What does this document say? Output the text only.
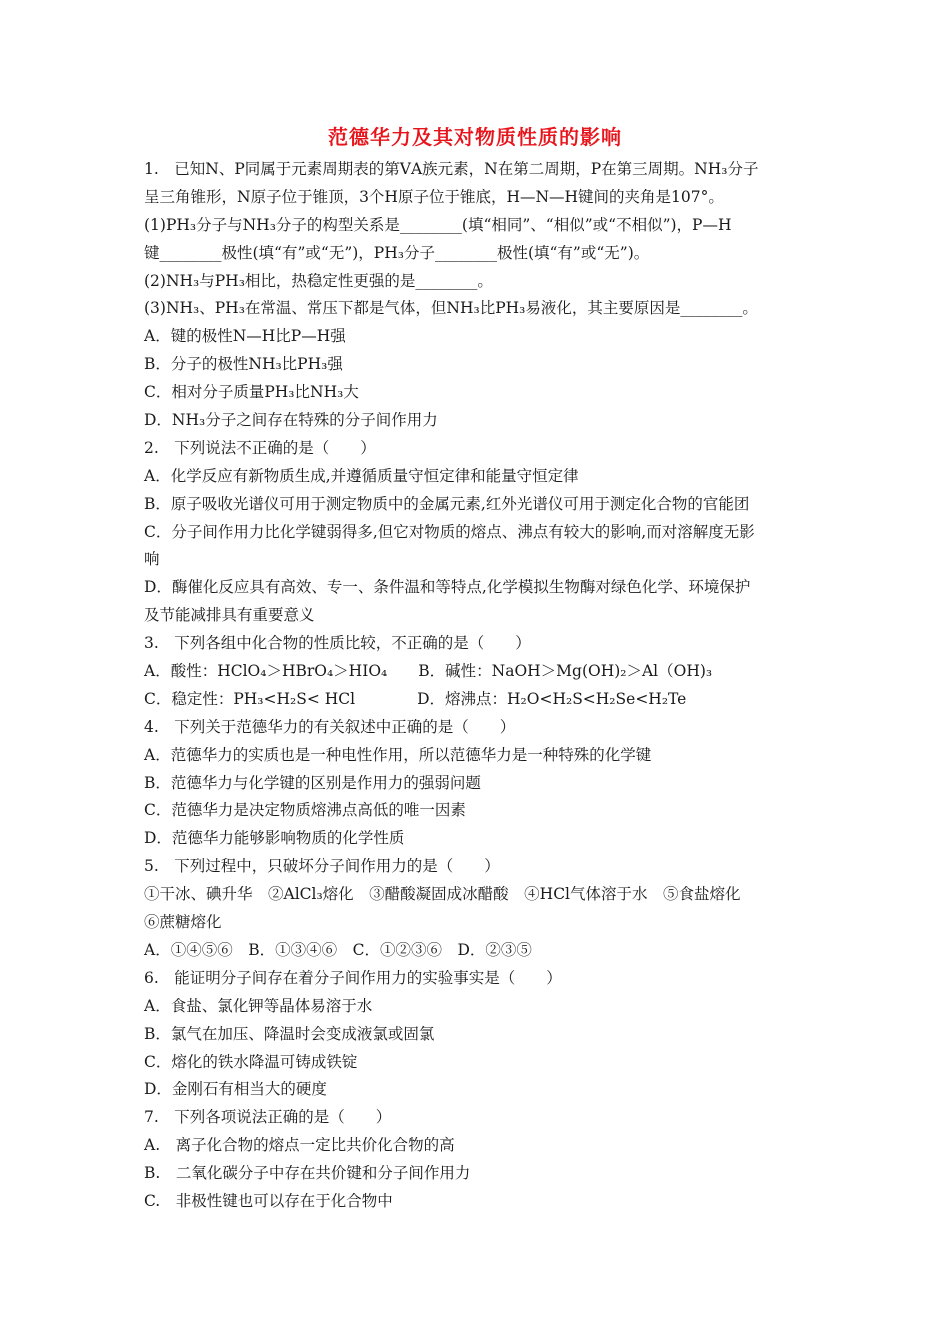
范德华力及其对物质性质的影响
1.　已知N、P同属于元素周期表的第ⅤA族元素，N在第二周期，P在第三周期。NH₃分子
呈三角锥形，N原子位于锥顶，3个H原子位于锥底，H—N—H键间的夹角是107°。
(1)PH₃分子与NH₃分子的构型关系是________(填“相同”、“相似”或“不相似”)，P—H
键________极性(填“有”或“无”)，PH₃分子________极性(填“有”或“无”)。
(2)NH₃与PH₃相比，热稳定性更强的是________。
(3)NH₃、PH₃在常温、常压下都是气体，但NH₃比PH₃易液化，其主要原因是________。
A．键的极性N—H比P—H强
B．分子的极性NH₃比PH₃强
C．相对分子质量PH₃比NH₃大
D．NH₃分子之间存在特殊的分子间作用力
2.　下列说法不正确的是（　　）
A．化学反应有新物质生成,并遵循质量守恒定律和能量守恒定律
B．原子吸收光谱仪可用于测定物质中的金属元素,红外光谱仪可用于测定化合物的官能团
C．分子间作用力比化学键弱得多,但它对物质的熔点、沸点有较大的影响,而对溶解度无影
响
D．酶催化反应具有高效、专一、条件温和等特点,化学模拟生物酶对绿色化学、环境保护
及节能减排具有重要意义
3.　下列各组中化合物的性质比较，不正确的是（　　）
A．酸性：HClO₄＞HBrO₄＞HIO₄　　B．碱性：NaOH＞Mg(OH)₂＞Al（OH)₃
C．稳定性：PH₃<H₂S< HCl　　　　D．熔沸点：H₂O<H₂S<H₂Se<H₂Te
4.　下列关于范德华力的有关叙述中正确的是（　　）
A．范德华力的实质也是一种电性作用，所以范德华力是一种特殊的化学键
B．范德华力与化学键的区别是作用力的强弱问题
C．范德华力是决定物质熔沸点高低的唯一因素
D．范德华力能够影响物质的化学性质
5.　下列过程中，只破坏分子间作用力的是（　　）
①干冰、碘升华　②AlCl₃熔化　③醋酸凝固成冰醋酸　④HCl气体溶于水　⑤食盐熔化
⑥蔗糖熔化
A．①④⑤⑥　B．①③④⑥　C．①②③⑥　D．②③⑤
6.　能证明分子间存在着分子间作用力的实验事实是（　　）
A．食盐、氯化钾等晶体易溶于水
B．氯气在加压、降温时会变成液氯或固氯
C．熔化的铁水降温可铸成铁锭
D．金刚石有相当大的硬度
7.　下列各项说法正确的是（　　）
A.　离子化合物的熔点一定比共价化合物的高
B.　二氧化碳分子中存在共价键和分子间作用力
C.　非极性键也可以存在于化合物中
